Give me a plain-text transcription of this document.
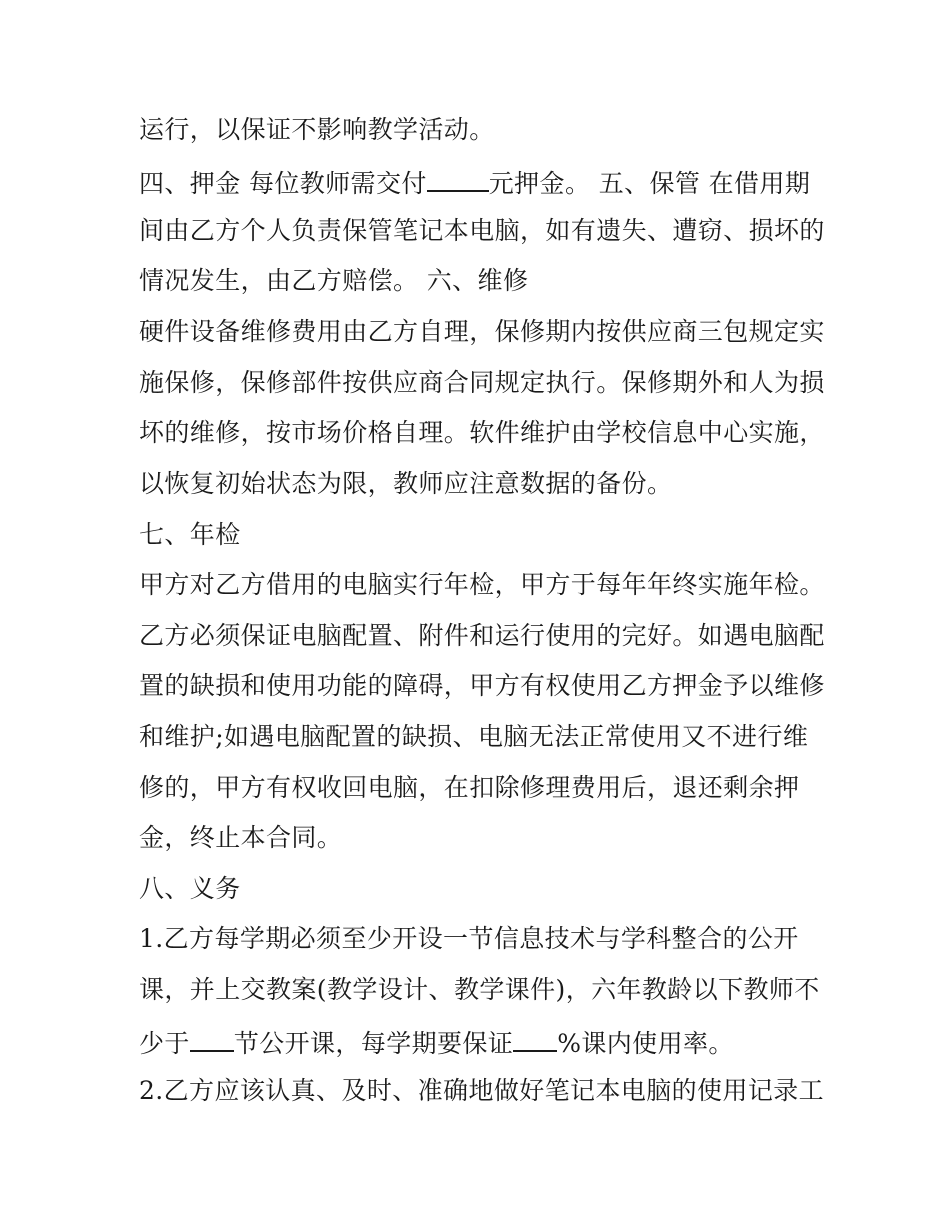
运行，以保证不影响教学活动。
四、押金 每位教师需交付 元押金。 五、保管 在借用期
间由乙方个人负责保管笔记本电脑，如有遗失、遭窃、损坏的
情况发生，由乙方赔偿。 六、维修
硬件设备维修费用由乙方自理，保修期内按供应商三包规定实
施保修，保修部件按供应商合同规定执行。保修期外和人为损
坏的维修，按市场价格自理。软件维护由学校信息中心实施，
以恢复初始状态为限，教师应注意数据的备份。
七、年检
甲方对乙方借用的电脑实行年检，甲方于每年年终实施年检。
乙方必须保证电脑配置、附件和运行使用的完好。如遇电脑配
置的缺损和使用功能的障碍，甲方有权使用乙方押金予以维修
和维护;如遇电脑配置的缺损、电脑无法正常使用又不进行维
修的，甲方有权收回电脑，在扣除修理费用后，退还剩余押
金，终止本合同。
八、义务
1.乙方每学期必须至少开设一节信息技术与学科整合的公开
课，并上交教案(教学设计、教学课件)，六年教龄以下教师不
少于 节公开课，每学期要保证 %课内使用率。
2.乙方应该认真、及时、准确地做好笔记本电脑的使用记录工
